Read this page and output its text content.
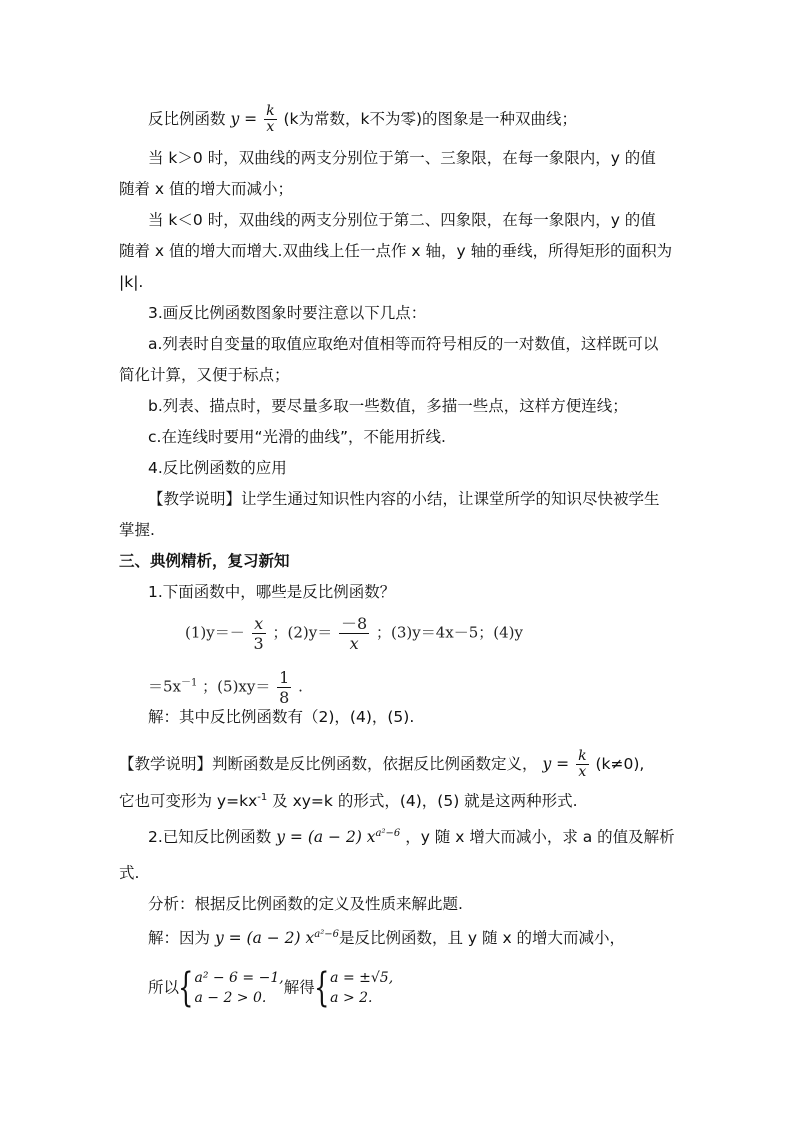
反比例函数 $y = \frac{k}{x} (k$为常数，k不为零)的图象是一种双曲线；
当 k＞0 时，双曲线的两支分别位于第一、三象限，在每一象限内，y 的值
随着 x 值的增大而减小；
当 k＜0 时，双曲线的两支分别位于第二、四象限，在每一象限内，y 的值
随着 x 值的增大而增大.双曲线上任一点作 x 轴，y 轴的垂线，所得矩形的面积为
|k|.
3.画反比例函数图象时要注意以下几点：
a.列表时自变量的取值应取绝对值相等而符号相反的一对数值，这样既可以
简化计算，又便于标点；
b.列表、描点时，要尽量多取一些数值，多描一些点，这样方便连线；
c.在连线时要用“光滑的曲线”，不能用折线.
4.反比例函数的应用
【教学说明】让学生通过知识性内容的小结，让课堂所学的知识尽快被学生
掌握.
三、典例精析，复习新知
1.下面函数中，哪些是反比例函数？
$(1)y=- \frac{x}{3}$ ；$(2)y= \frac{-8}{x}$ ；(3)y＝4x－5；(4)y
$=5x^{-1}$ ；$(5)xy= \frac{1}{8}$ .
解：其中反比例函数有（2)，(4)，(5).
【教学说明】判断函数是反比例函数，依据反比例函数定义， $y = \frac{k}{x} (k\ne 0)$,
它也可变形为 $y=kx^{-1}$ 及 xy=k 的形式，(4)，(5) 就是这两种形式.
2.已知反比例函数 y = (a − 2) $x^{a^2-6}$ ，y 随 x 增大而减小，求 a 的值及解析
式.
分析：根据反比例函数的定义及性质来解此题.
解：因为 y = (a − 2) $x^{a^2-6}$是反比例函数，且 y 随 x 的增大而减小，
所以{ a² − 6 = −1,
a − 2 > 0.
解得{ a = ±√5,
a > 2.
